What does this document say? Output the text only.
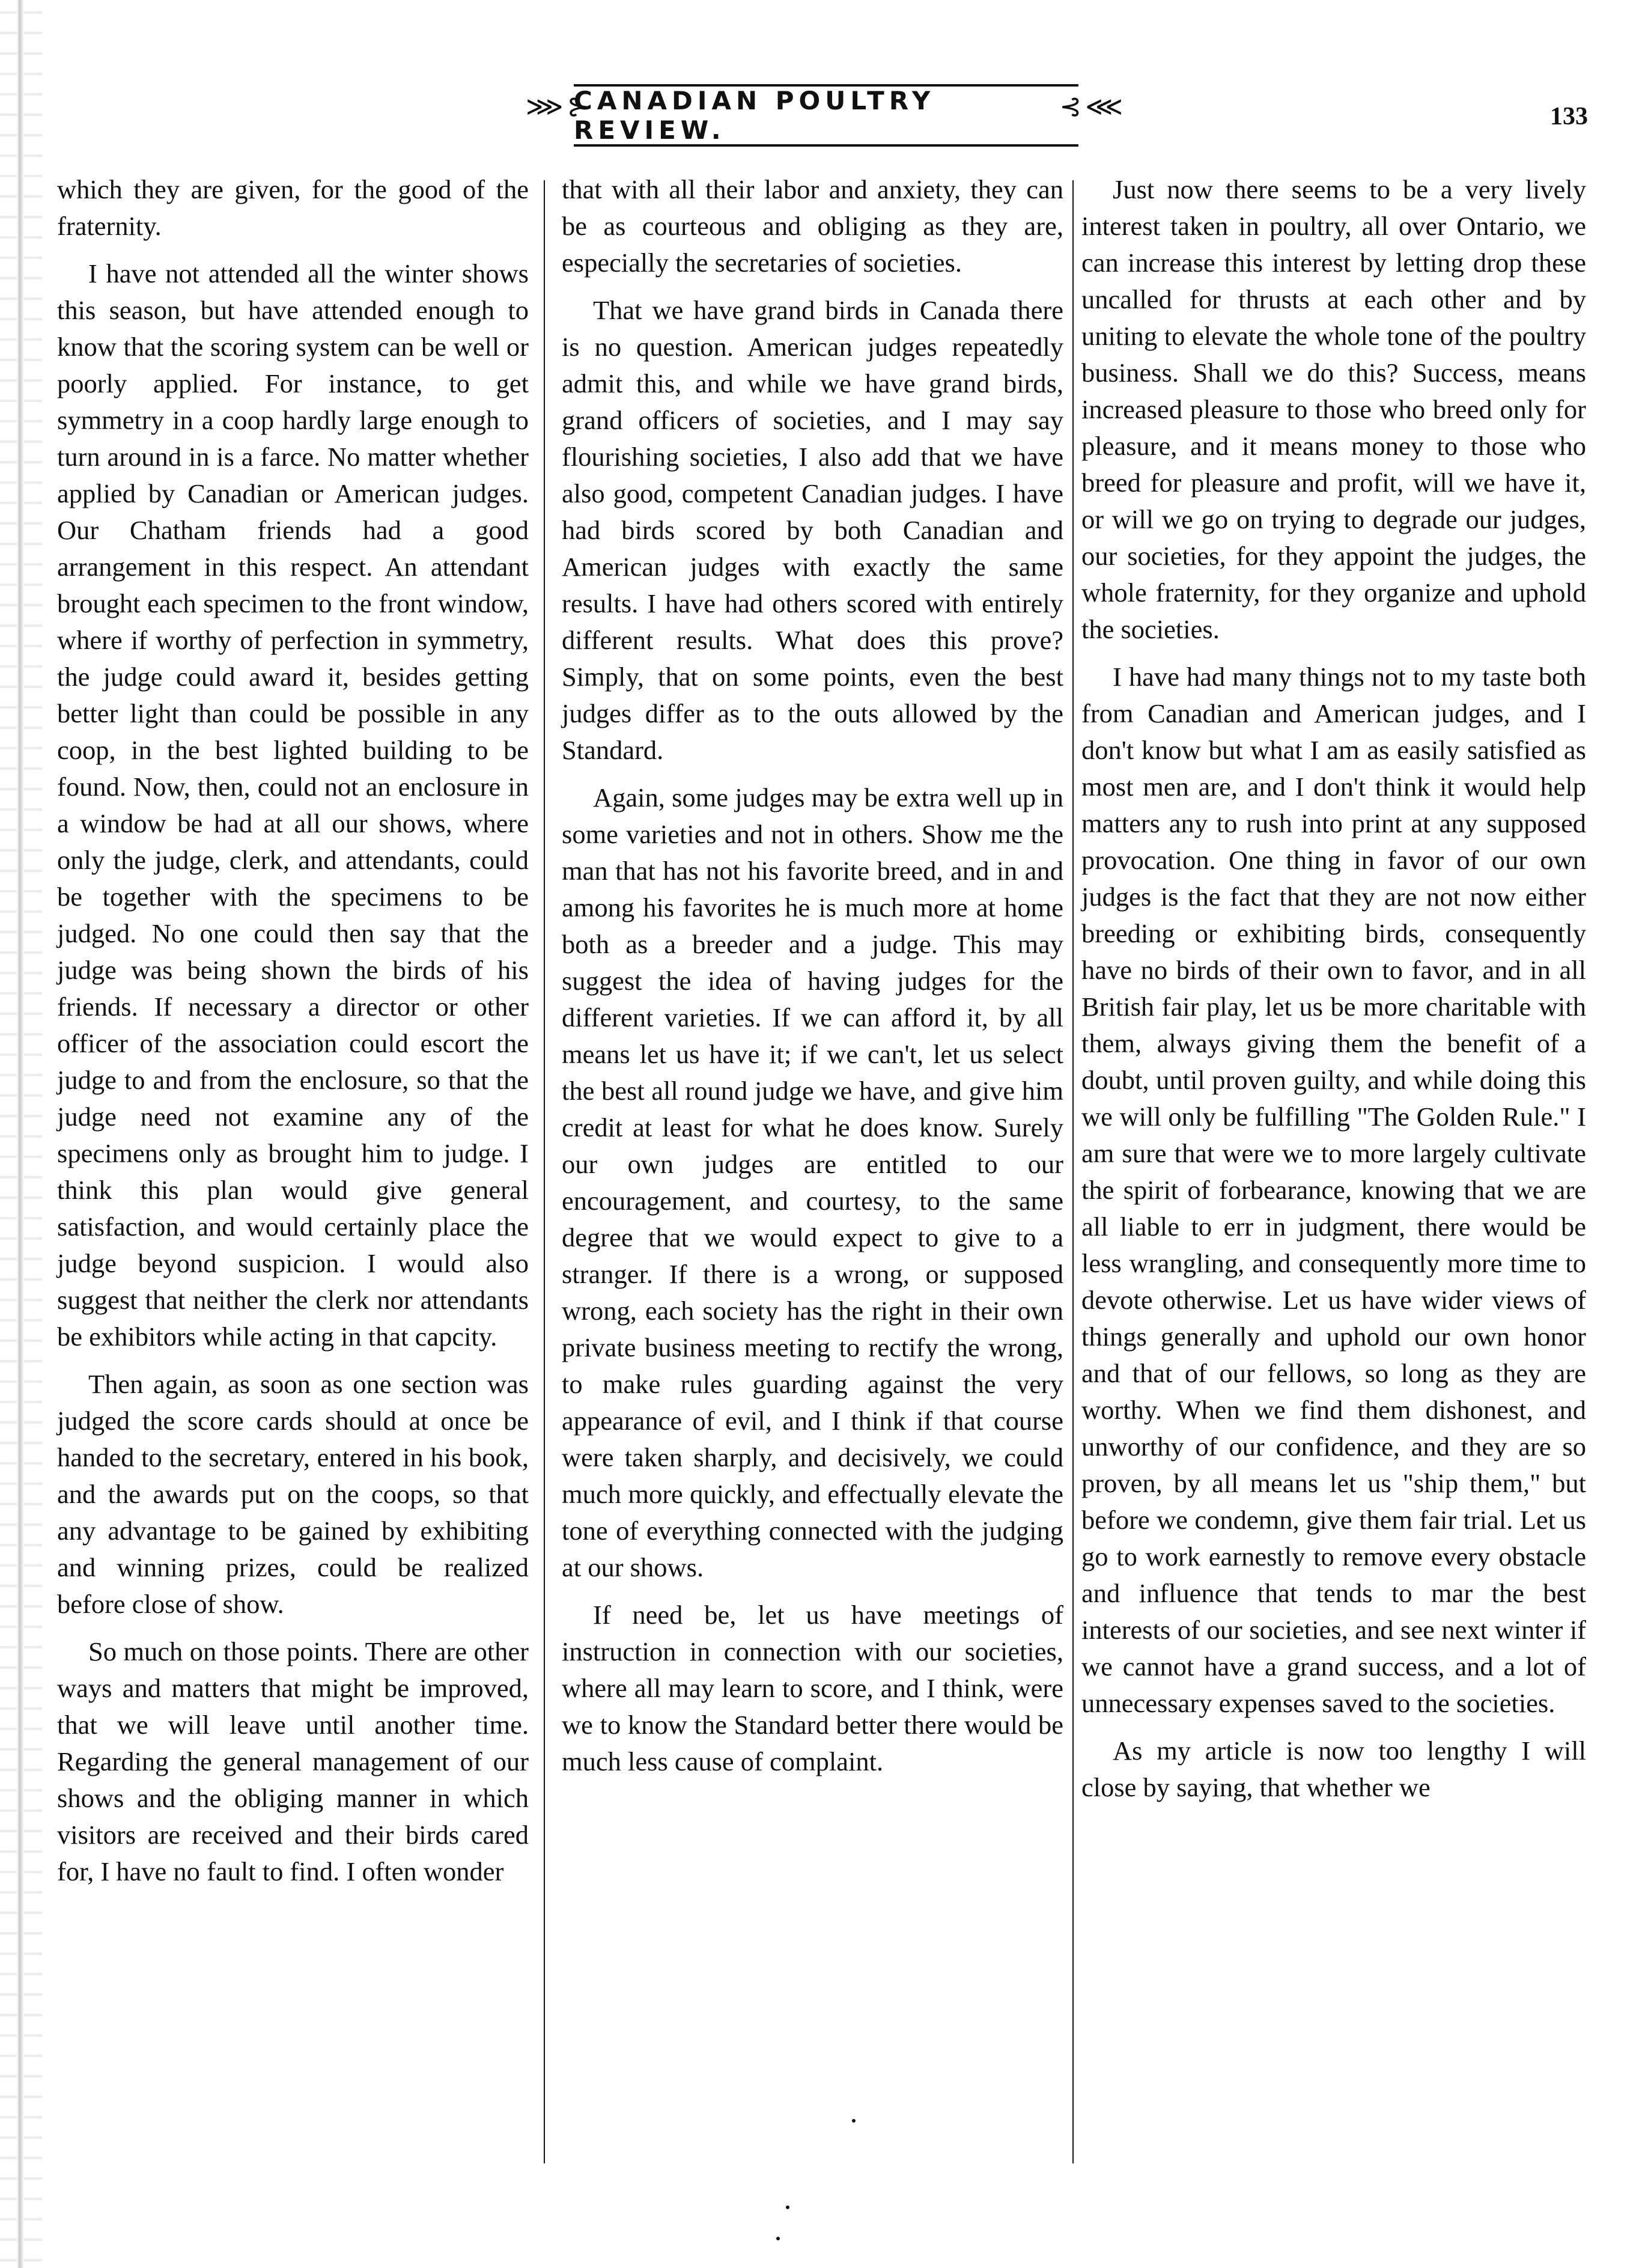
⋙⊱
CANADIAN POULTRY REVIEW.
⊰⋘	133

which they are given, for the good of the fraternity.

I have not attended all the winter shows this season, but have attended enough to know that the scoring system can be well or poorly applied. For instance, to get symmetry in a coop hardly large enough to turn around in is a farce. No matter whether applied by Canadian or American judges. Our Chatham friends had a good arrangement in this respect. An attendant brought each specimen to the front window, where if worthy of perfection in symmetry, the judge could award it, besides getting better light than could be possible in any coop, in the best lighted building to be found. Now, then, could not an enclosure in a window be had at all our shows, where only the judge, clerk, and attendants, could be together with the specimens to be judged. No one could then say that the judge was being shown the birds of his friends. If necessary a director or other officer of the association could escort the judge to and from the enclosure, so that the judge need not examine any of the specimens only as brought him to judge. I think this plan would give general satisfaction, and would certainly place the judge beyond suspicion. I would also suggest that neither the clerk nor attendants be exhibitors while acting in that capcity.

Then again, as soon as one section was judged the score cards should at once be handed to the secretary, entered in his book, and the awards put on the coops, so that any advantage to be gained by exhibiting and winning prizes, could be realized before close of show.

So much on those points. There are other ways and matters that might be improved, that we will leave until another time. Regarding the general management of our shows and the obliging manner in which visitors are received and their birds cared for, I have no fault to find. I often wonder

that with all their labor and anxiety, they can be as courteous and obliging as they are, especially the secretaries of societies.

That we have grand birds in Canada there is no question. American judges repeatedly admit this, and while we have grand birds, grand officers of societies, and I may say flourishing societies, I also add that we have also good, competent Canadian judges. I have had birds scored by both Canadian and American judges with exactly the same results. I have had others scored with entirely different results. What does this prove? Simply, that on some points, even the best judges differ as to the outs allowed by the Standard.

Again, some judges may be extra well up in some varieties and not in others. Show me the man that has not his favorite breed, and in and among his favorites he is much more at home both as a breeder and a judge. This may suggest the idea of having judges for the different varieties. If we can afford it, by all means let us have it; if we can't, let us select the best all round judge we have, and give him credit at least for what he does know. Surely our own judges are entitled to our encouragement, and courtesy, to the same degree that we would expect to give to a stranger. If there is a wrong, or supposed wrong, each society has the right in their own private business meeting to rectify the wrong, to make rules guarding against the very appearance of evil, and I think if that course were taken sharply, and decisively, we could much more quickly, and effectually elevate the tone of everything connected with the judging at our shows.

If need be, let us have meetings of instruction in connection with our societies, where all may learn to score, and I think, were we to know the Standard better there would be much less cause of complaint.

Just now there seems to be a very lively interest taken in poultry, all over Ontario, we can increase this interest by letting drop these uncalled for thrusts at each other and by uniting to elevate the whole tone of the poultry business. Shall we do this? Success, means increased pleasure to those who breed only for pleasure, and it means money to those who breed for pleasure and profit, will we have it, or will we go on trying to degrade our judges, our societies, for they appoint the judges, the whole fraternity, for they organize and uphold the societies.

I have had many things not to my taste both from Canadian and American judges, and I don't know but what I am as easily satisfied as most men are, and I don't think it would help matters any to rush into print at any supposed provocation. One thing in favor of our own judges is the fact that they are not now either breeding or exhibiting birds, consequently have no birds of their own to favor, and in all British fair play, let us be more charitable with them, always giving them the benefit of a doubt, until proven guilty, and while doing this we will only be fulfilling "The Golden Rule." I am sure that were we to more largely cultivate the spirit of forbearance, knowing that we are all liable to err in judgment, there would be less wrangling, and consequently more time to devote otherwise. Let us have wider views of things generally and uphold our own honor and that of our fellows, so long as they are worthy. When we find them dishonest, and unworthy of our confidence, and they are so proven, by all means let us "ship them," but before we condemn, give them fair trial. Let us go to work earnestly to remove every obstacle and influence that tends to mar the best interests of our societies, and see next winter if we cannot have a grand success, and a lot of unnecessary expenses saved to the societies.

As my article is now too lengthy I will close by saying, that whether we
